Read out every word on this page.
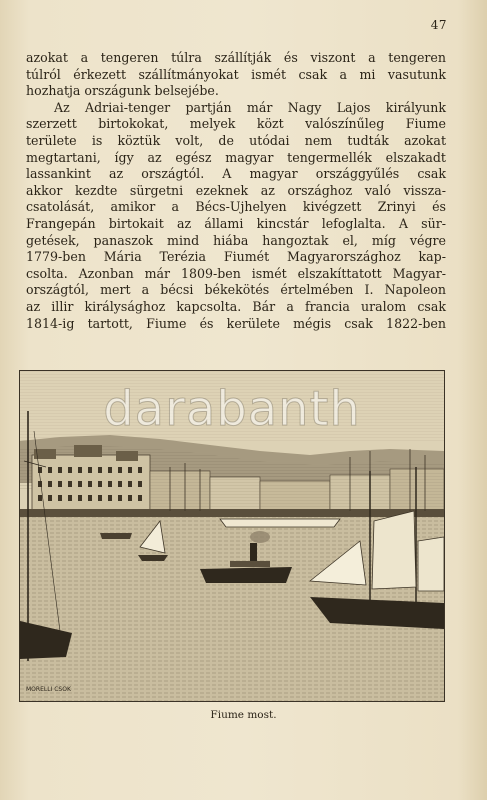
47

azokat a tengeren túlra szállítják és viszont a tengeren
túlról érkezett szállítmányokat ismét csak a mi vasutunk
hozhatja országunk belsejébe.

Az Adriai-tenger partján már Nagy Lajos királyunk
szerzett birtokokat, melyek közt valószínűleg Fiume
területe is köztük volt, de utódai nem tudták azokat
megtartani, így az egész magyar tengermellék elszakadt
lassankint az országtól. A magyar országgyűlés csak
akkor kezdte sürgetni ezeknek az országhoz való vissza-
csatolását, amikor a Bécs-Ujhelyen kivégzett Zrinyi és
Frangepán birtokait az állami kincstár lefoglalta. A sür-
getések, panaszok mind hiába hangoztak el, míg végre
1779-ben Mária Terézia Fiumét Magyarországhoz kap-
csolta. Azonban már 1809-ben ismét elszakíttatott Magyar-
országtól, mert a bécsi békekötés értelmében I. Napoleon
az illir királysághoz kapcsolta. Bár a francia uralom csak
1814-ig tartott, Fiume és kerülete mégis csak 1822-ben

MORELLI CSOK
darabanth
Fiume most.
